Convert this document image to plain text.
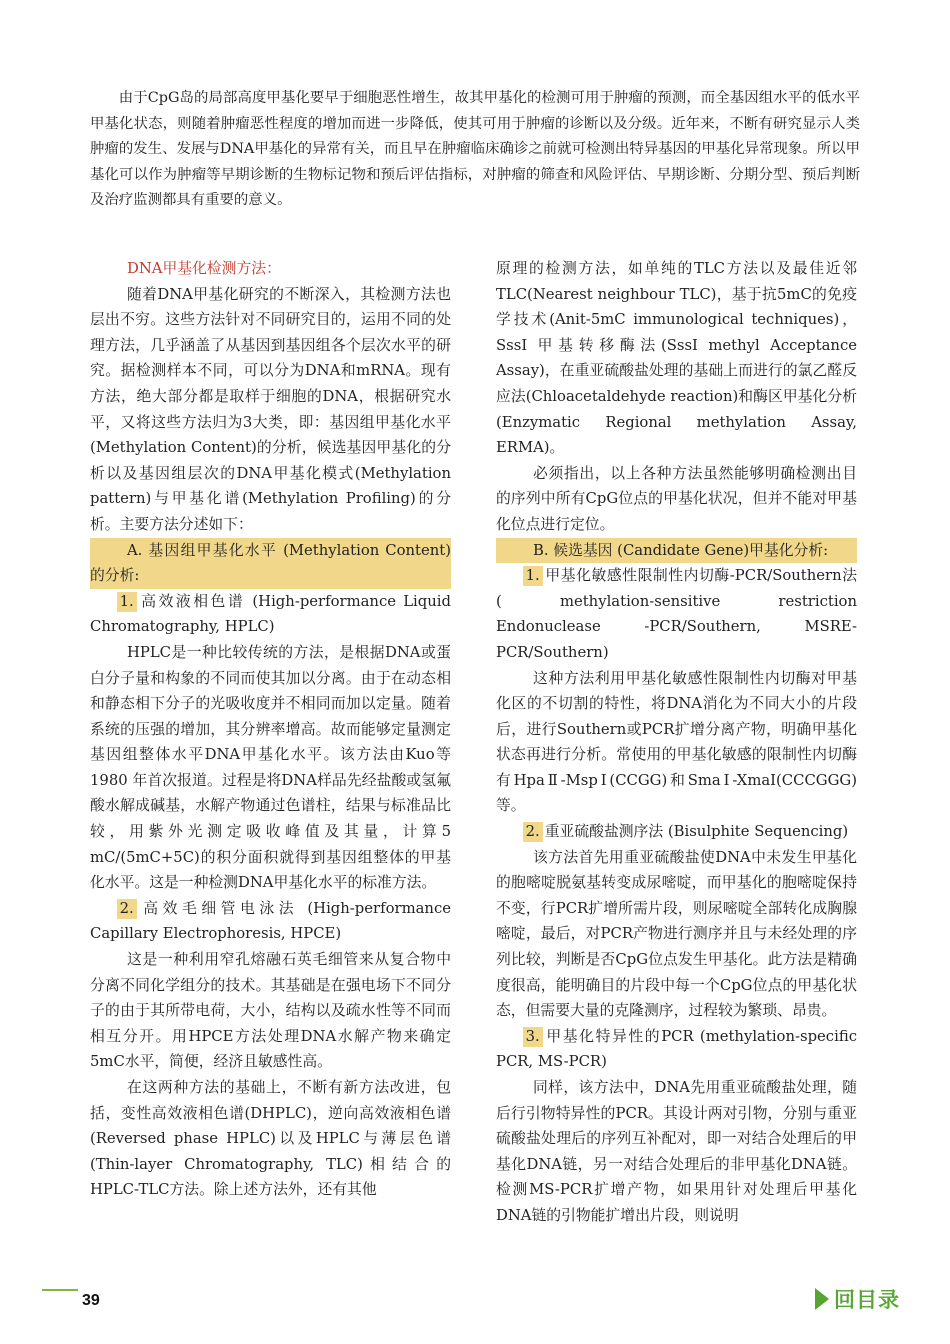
由于CpG岛的局部高度甲基化要早于细胞恶性增生，故其甲基化的检测可用于肿瘤的预测，而全基因组水平的低水平甲基化状态，则随着肿瘤恶性程度的增加而进一步降低，使其可用于肿瘤的诊断以及分级。近年来，不断有研究显示人类肿瘤的发生、发展与DNA甲基化的异常有关，而且早在肿瘤临床确诊之前就可检测出特异基因的甲基化异常现象。所以甲基化可以作为肿瘤等早期诊断的生物标记物和预后评估指标，对肿瘤的筛查和风险评估、早期诊断、分期分型、预后判断及治疗监测都具有重要的意义。

DNA甲基化检测方法：

随着DNA甲基化研究的不断深入，其检测方法也层出不穷。这些方法针对不同研究目的，运用不同的处理方法，几乎涵盖了从基因到基因组各个层次水平的研究。据检测样本不同，可以分为DNA和mRNA。现有方法，绝大部分都是取样于细胞的DNA，根据研究水平，又将这些方法归为3大类，即：基因组甲基化水平(Methylation Content)的分析，候选基因甲基化的分析以及基因组层次的DNA甲基化模式(Methylation pattern)与甲基化谱(Methylation Profiling)的分析。主要方法分述如下：

A. 基因组甲基化水平 (Methylation Content)的分析:

1. 高效液相色谱 (High-performance Liquid Chromatography, HPLC)

HPLC是一种比较传统的方法，是根据DNA或蛋白分子量和构象的不同而使其加以分离。由于在动态相和静态相下分子的光吸收度并不相同而加以定量。随着系统的压强的增加，其分辨率增高。故而能够定量测定基因组整体水平DNA甲基化水平。该方法由Kuo等1980 年首次报道。过程是将DNA样品先经盐酸或氢氟酸水解成碱基，水解产物通过色谱柱，结果与标准品比较，用紫外光测定吸收峰值及其量，计算5 mC/(5mC+5C)的积分面积就得到基因组整体的甲基化水平。这是一种检测DNA甲基化水平的标准方法。

2. 高效毛细管电泳法 (High-performance Capillary Electrophoresis, HPCE)

这是一种利用窄孔熔融石英毛细管来从复合物中分离不同化学组分的技术。其基础是在强电场下不同分子的由于其所带电荷，大小，结构以及疏水性等不同而相互分开。用HPCE方法处理DNA水解产物来确定5mC水平，简便，经济且敏感性高。

在这两种方法的基础上，不断有新方法改进，包括，变性高效液相色谱(DHPLC)，逆向高效液相色谱(Reversed phase HPLC)以及HPLC与薄层色谱(Thin-layer Chromatography, TLC)相结合的HPLC-TLC方法。除上述方法外，还有其他

原理的检测方法，如单纯的TLC方法以及最佳近邻TLC(Nearest neighbour TLC)，基于抗5mC的免疫学技术(Anit-5mC immunological techniques)，SssI 甲基转移酶法(SssI methyl Acceptance Assay)，在重亚硫酸盐处理的基础上而进行的氯乙醛反应法(Chloacetaldehyde reaction)和酶区甲基化分析(Enzymatic Regional methylation Assay, ERMA)。

必须指出，以上各种方法虽然能够明确检测出目的序列中所有CpG位点的甲基化状况，但并不能对甲基化位点进行定位。

B. 候选基因 (Candidate Gene)甲基化分析:

1. 甲基化敏感性限制性内切酶-PCR/Southern法 ( methylation-sensitive restriction Endonuclease -PCR/Southern, MSRE-PCR/Southern)

这种方法利用甲基化敏感性限制性内切酶对甲基化区的不切割的特性，将DNA消化为不同大小的片段后，进行Southern或PCR扩增分离产物，明确甲基化状态再进行分析。常使用的甲基化敏感的限制性内切酶有HpaⅡ-MspⅠ(CCGG)和SmaⅠ-XmaI(CCCGGG)等。

2. 重亚硫酸盐测序法 (Bisulphite Sequencing)

该方法首先用重亚硫酸盐使DNA中未发生甲基化的胞嘧啶脱氨基转变成尿嘧啶，而甲基化的胞嘧啶保持不变，行PCR扩增所需片段，则尿嘧啶全部转化成胸腺嘧啶，最后，对PCR产物进行测序并且与未经处理的序列比较，判断是否CpG位点发生甲基化。此方法是精确度很高，能明确目的片段中每一个CpG位点的甲基化状态，但需要大量的克隆测序，过程较为繁琐、昂贵。

3. 甲基化特异性的PCR (methylation-specific PCR, MS-PCR)

同样，该方法中，DNA先用重亚硫酸盐处理，随后行引物特异性的PCR。其设计两对引物，分别与重亚硫酸盐处理后的序列互补配对，即一对结合处理后的甲基化DNA链，另一对结合处理后的非甲基化DNA链。检测MS-PCR扩增产物，如果用针对处理后甲基化DNA链的引物能扩增出片段，则说明

39	回目录
